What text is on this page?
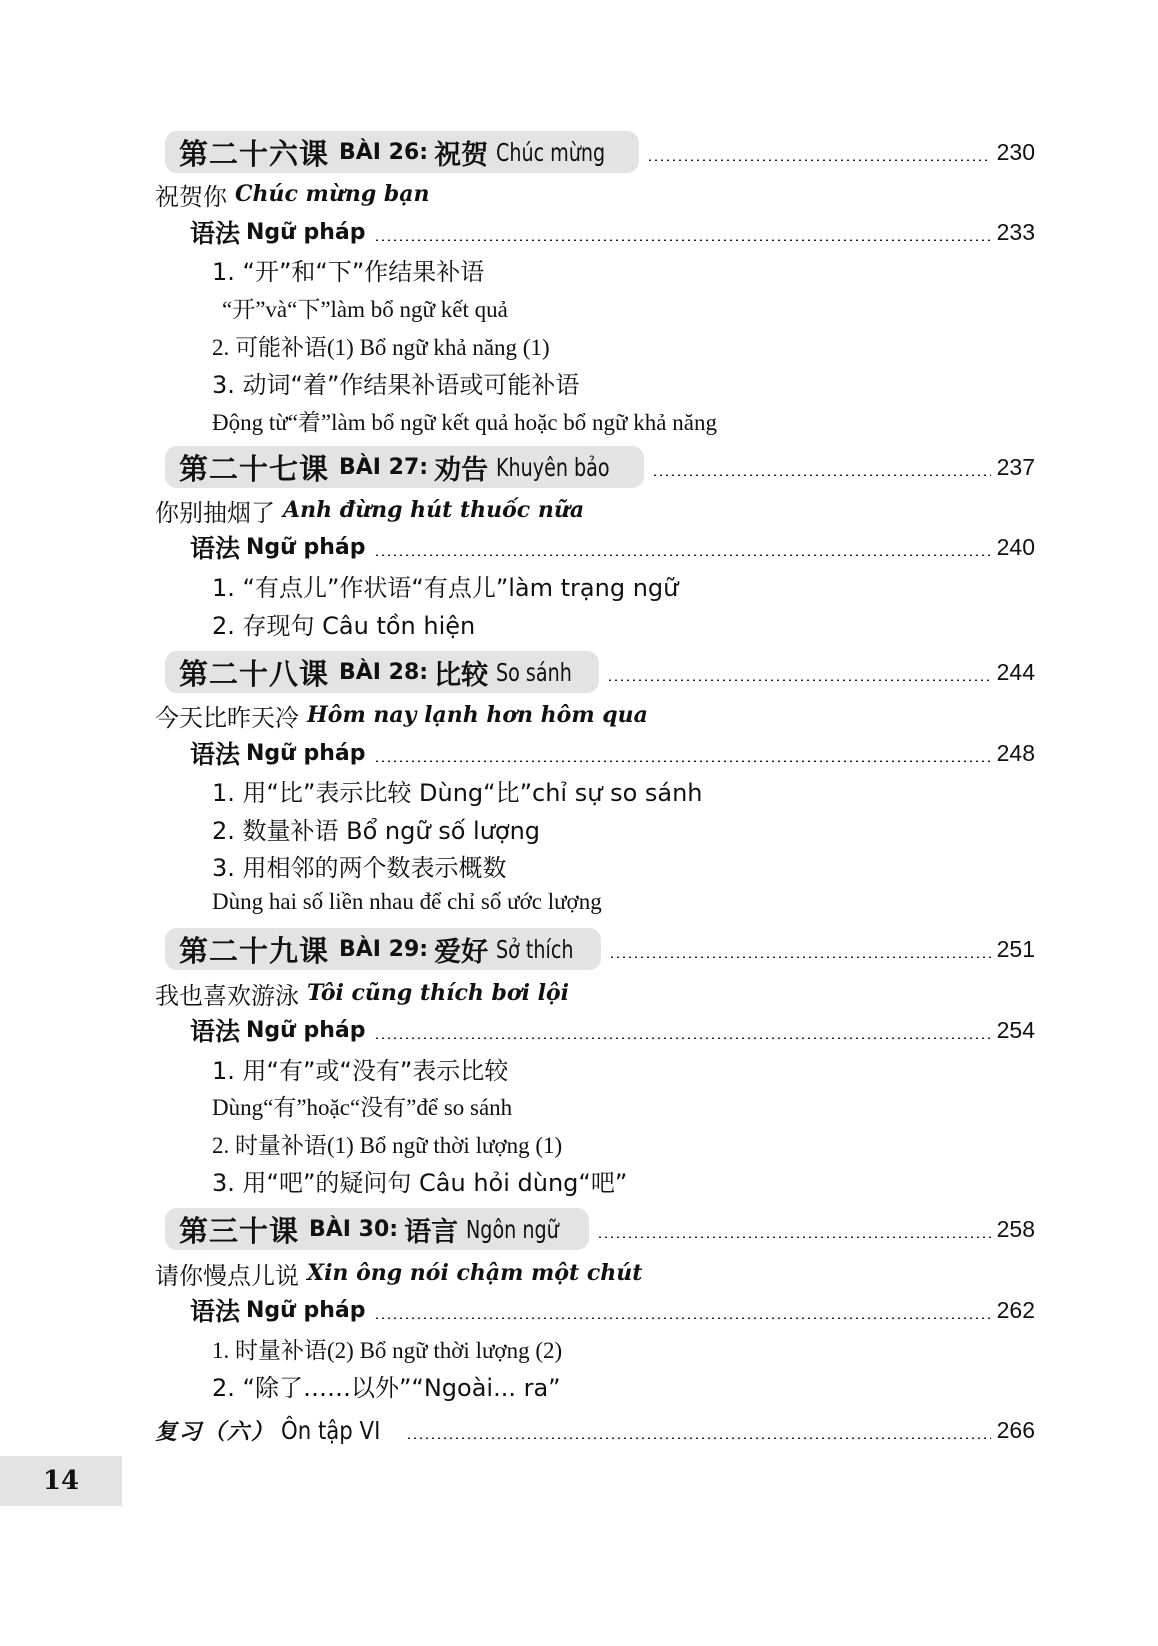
第二十六课 BÀI 26: 祝贺 Chúc mừng	230
祝贺你 Chúc mừng bạn
语法 Ngữ pháp	233
1. “开”和“下”作结果补语
“开”và“下”làm bổ ngữ kết quả
2. 可能补语(1) Bổ ngữ khả năng (1)
3. 动词“着”作结果补语或可能补语
Động từ“着”làm bổ ngữ kết quả hoặc bổ ngữ khả năng
第二十七课 BÀI 27: 劝告 Khuyên bảo	237
你别抽烟了 Anh đừng hút thuốc nữa
语法 Ngữ pháp	240
1. “有点儿”作状语“有点儿”làm trạng ngữ
2. 存现句 Câu tồn hiện
第二十八课 BÀI 28: 比较 So sánh	244
今天比昨天冷 Hôm nay lạnh hơn hôm qua
语法 Ngữ pháp	248
1. 用“比”表示比较 Dùng“比”chỉ sự so sánh
2. 数量补语 Bổ ngữ số lượng
3. 用相邻的两个数表示概数
Dùng hai số liền nhau để chỉ số ước lượng
第二十九课 BÀI 29: 爱好 Sở thích	251
我也喜欢游泳 Tôi cũng thích bơi lội
语法 Ngữ pháp	254
1. 用“有”或“没有”表示比较
Dùng“有”hoặc“没有”để so sánh
2. 时量补语(1) Bổ ngữ thời lượng (1)
3. 用“吧”的疑问句 Câu hỏi dùng“吧”
第三十课 BÀI 30: 语言 Ngôn ngữ	258
请你慢点儿说 Xin ông nói chậm một chút
语法 Ngữ pháp	262
1. 时量补语(2) Bổ ngữ thời lượng (2)
2. “除了……以外”“Ngoài... ra”
复习（六） Ôn tập VI	266
14
